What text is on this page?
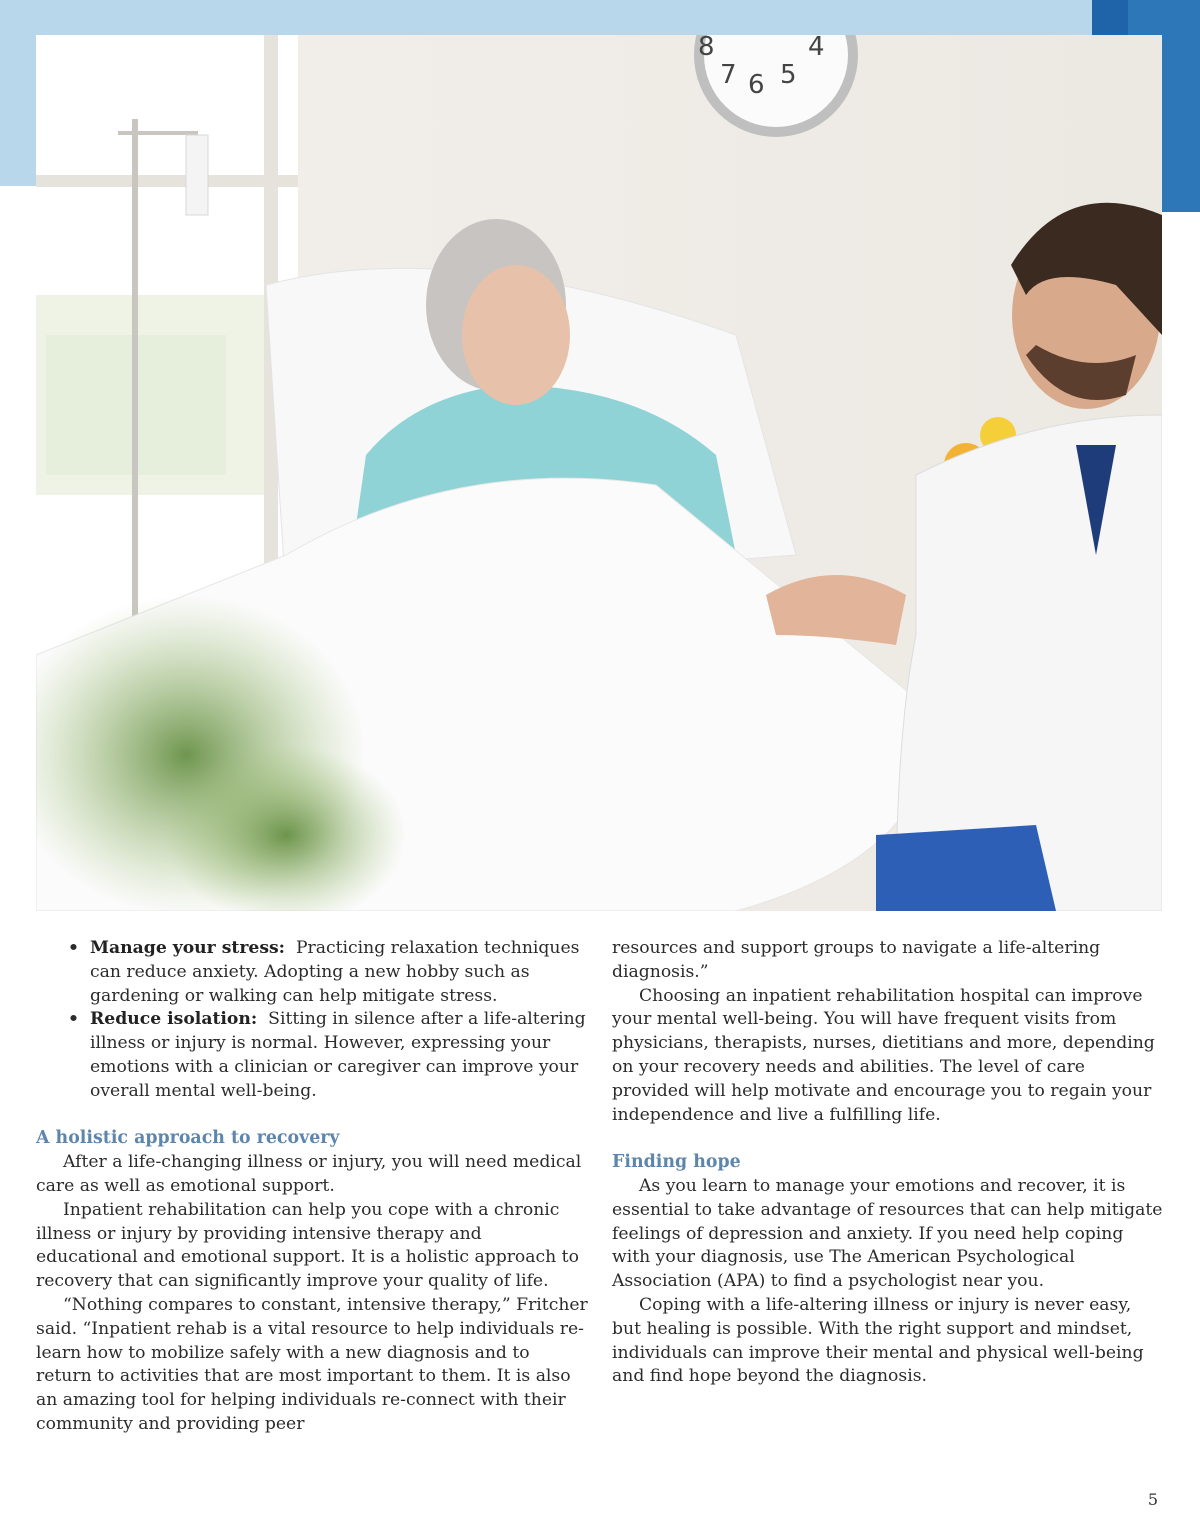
8	4
7 6 5
• Manage your stress: Practicing relaxation techniques can reduce anxiety. Adopting a new hobby such as gardening or walking can help mitigate stress.
• Reduce isolation: Sitting in silence after a life-altering illness or injury is normal. However, expressing your emotions with a clinician or caregiver can improve your overall mental well-being.
A holistic approach to recovery

After a life-changing illness or injury, you will need medical care as well as emotional support.

Inpatient rehabilitation can help you cope with a chronic illness or injury by providing intensive therapy and educational and emotional support. It is a holistic approach to recovery that can significantly improve your quality of life.

“Nothing compares to constant, intensive therapy,” Fritcher said. “Inpatient rehab is a vital resource to help individuals re-learn how to mobilize safely with a new diagnosis and to return to activities that are most important to them. It is also an amazing tool for helping individuals re-connect with their community and providing peer

resources and support groups to navigate a life-altering diagnosis.”

Choosing an inpatient rehabilitation hospital can improve your mental well-being. You will have frequent visits from physicians, therapists, nurses, dietitians and more, depending on your recovery needs and abilities. The level of care provided will help motivate and encourage you to regain your independence and live a fulfilling life.

Finding hope

As you learn to manage your emotions and recover, it is essential to take advantage of resources that can help mitigate feelings of depression and anxiety. If you need help coping with your diagnosis, use The American Psychological Association (APA) to find a psychologist near you.

Coping with a life-altering illness or injury is never easy, but healing is possible. With the right support and mindset, individuals can improve their mental and physical well-being and find hope beyond the diagnosis.

5
